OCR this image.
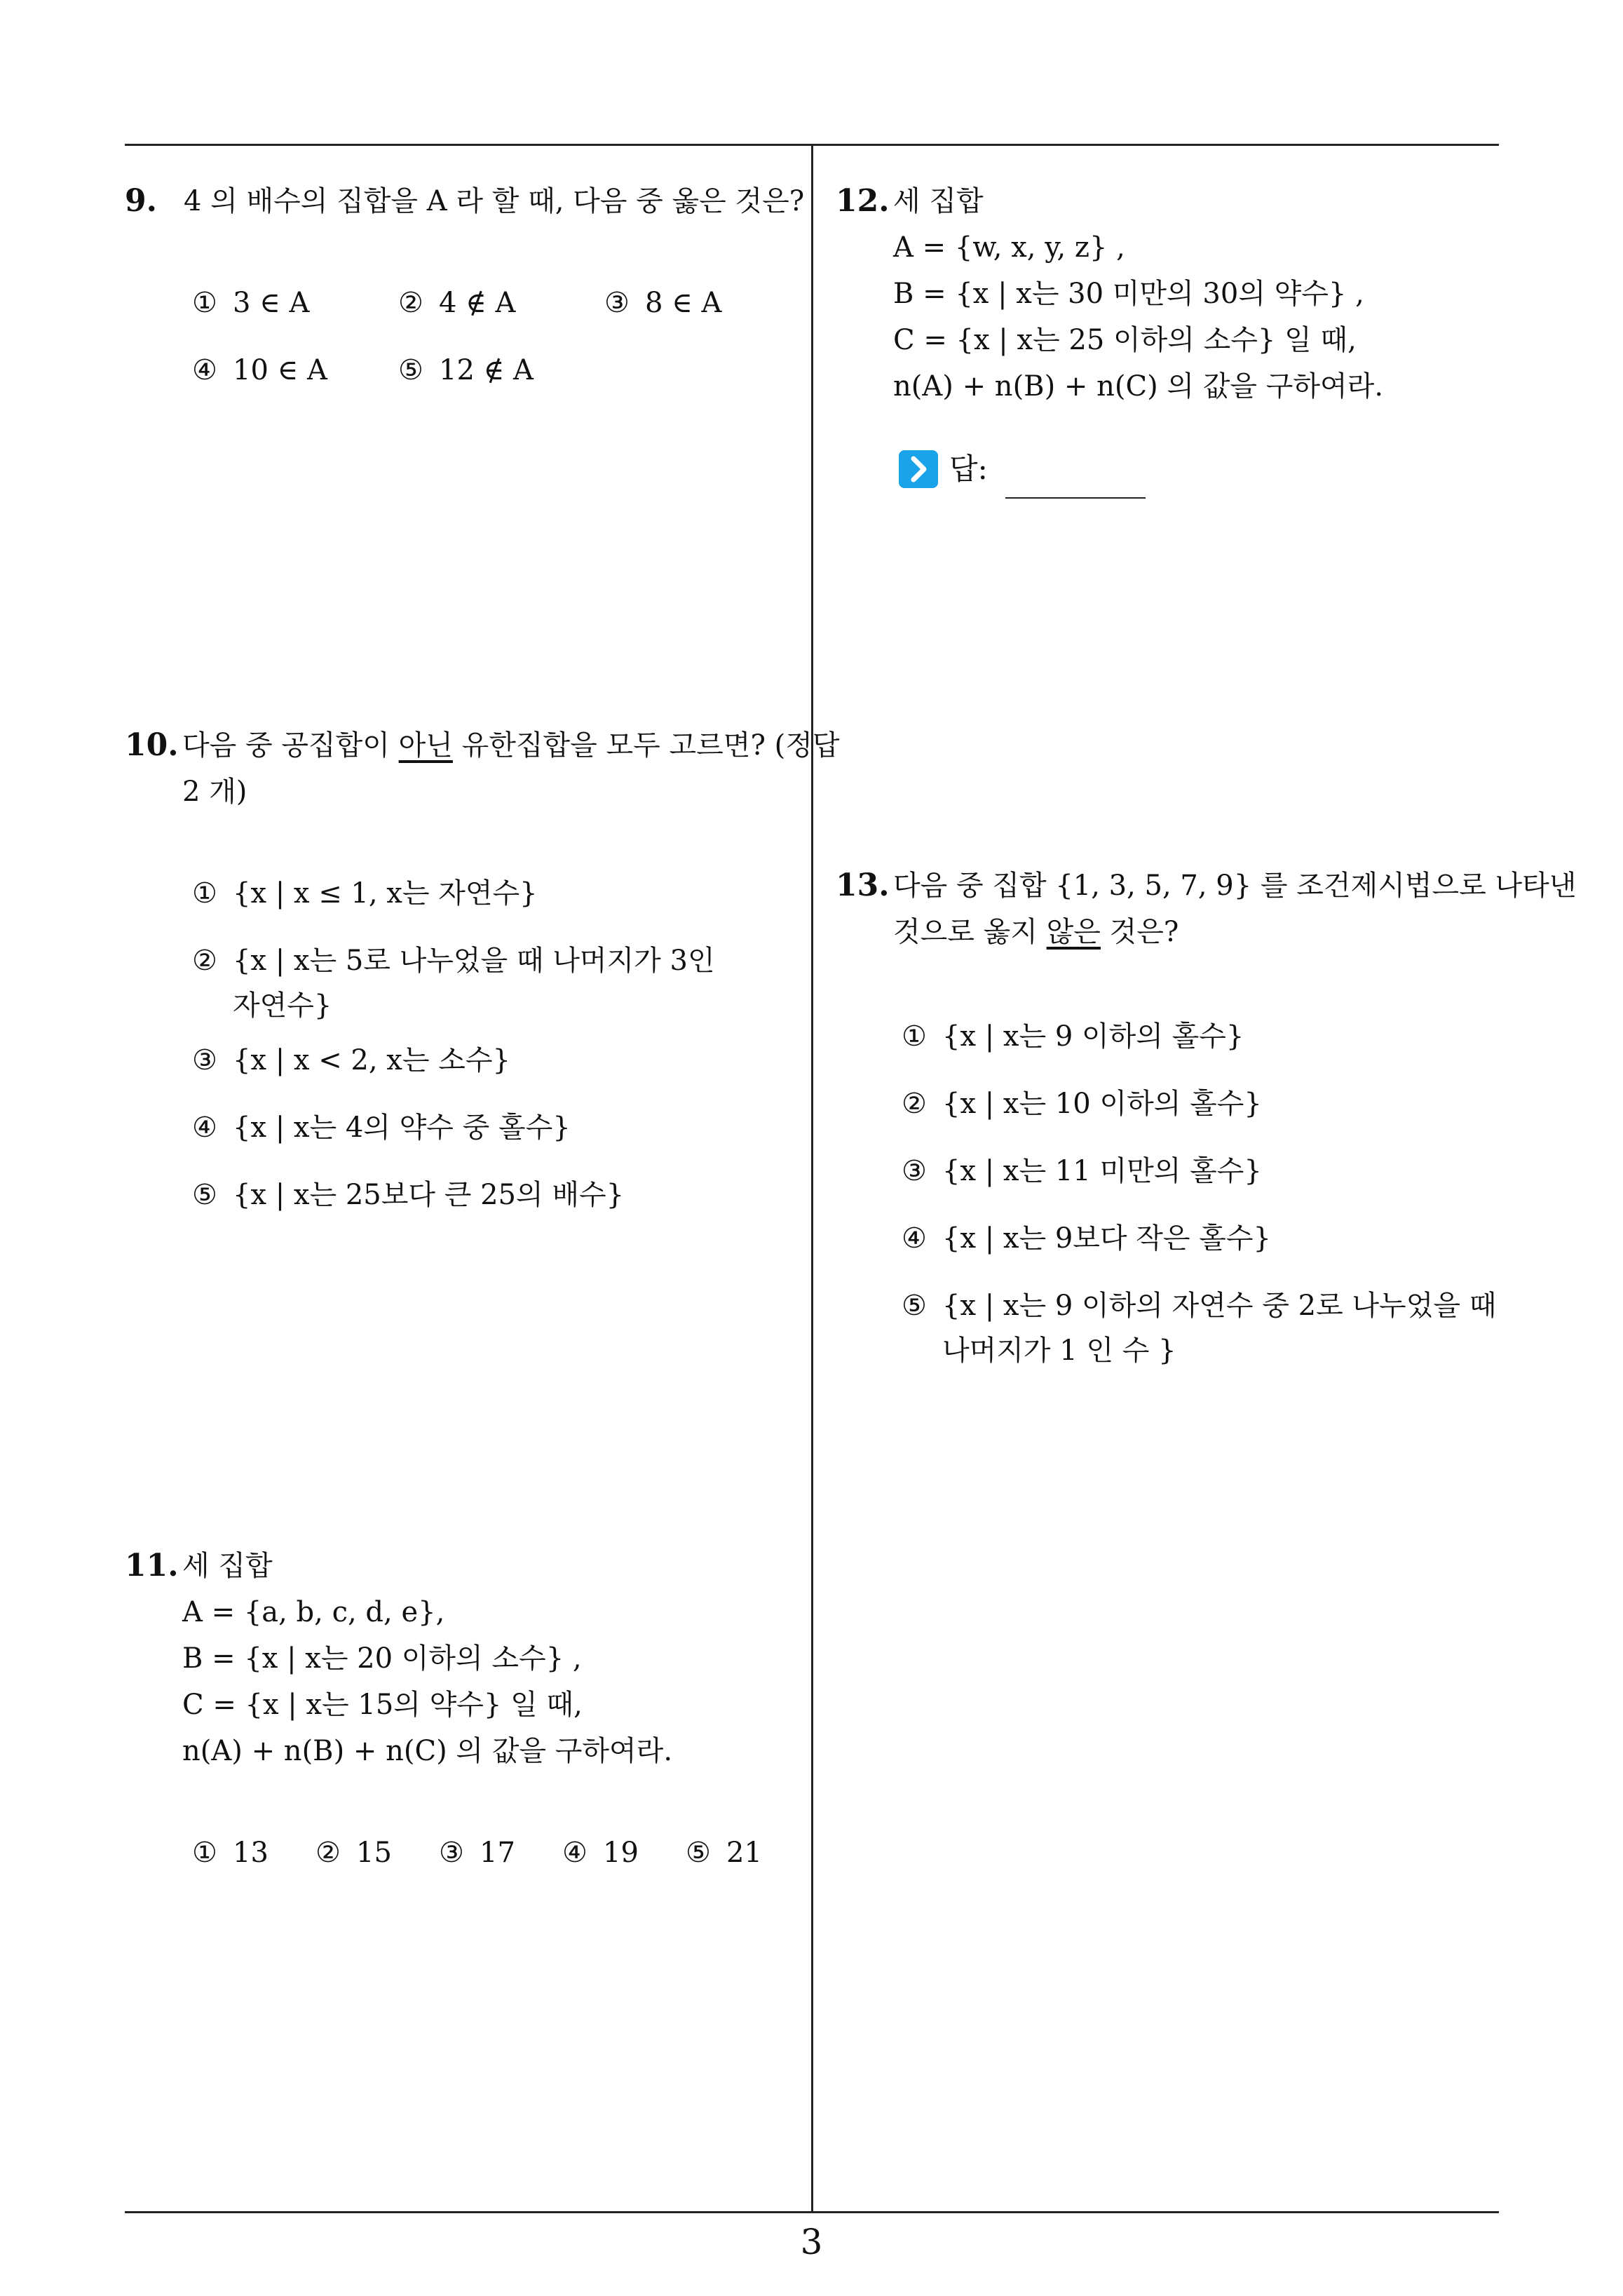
9. 4 의 배수의 집합을 A 라 할 때, 다음 중 옳은 것은?
① 3 ∈ A	② 4 ∉ A	③ 8 ∈ A
④ 10 ∈ A	⑤ 12 ∉ A
10. 다음 중 공집합이 아닌 유한집합을 모두 고르면? (정답
2 개)
① {x | x ≤ 1, x는 자연수}
② {x | x는 5로 나누었을 때 나머지가 3인
자연수}
③ {x | x < 2, x는 소수}
④ {x | x는 4의 약수 중 홀수}
⑤ {x | x는 25보다 큰 25의 배수}
11. 세 집합
A = {a, b, c, d, e},
B = {x | x는 20 이하의 소수} ,
C = {x | x는 15의 약수} 일 때,
n(A) + n(B) + n(C) 의 값을 구하여라.
① 13 ② 15 ③ 17 ④ 19 ⑤ 21
12. 세 집합
A = {w, x, y, z} ,
B = {x | x는 30 미만의 30의 약수} ,
C = {x | x는 25 이하의 소수} 일 때,
n(A) + n(B) + n(C) 의 값을 구하여라.
답:
13. 다음 중 집합 {1, 3, 5, 7, 9} 를 조건제시법으로 나타낸
것으로 옳지 않은 것은?
① {x | x는 9 이하의 홀수}
② {x | x는 10 이하의 홀수}
③ {x | x는 11 미만의 홀수}
④ {x | x는 9보다 작은 홀수}
⑤ {x | x는 9 이하의 자연수 중 2로 나누었을 때
나머지가 1 인 수 }
3
